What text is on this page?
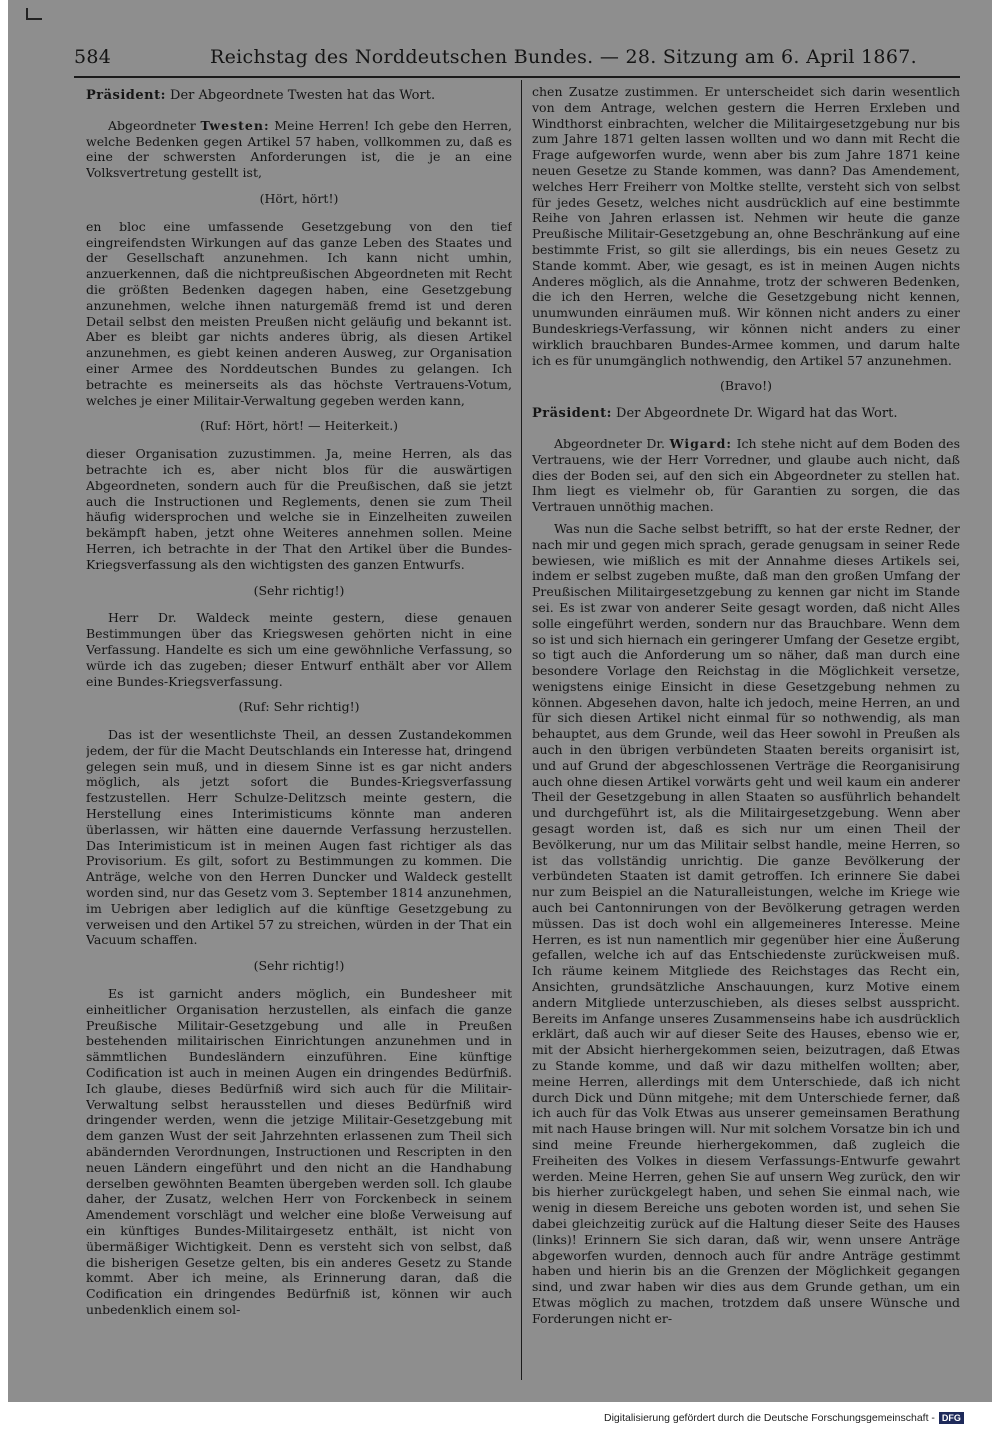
584	Reichstag des Norddeutschen Bundes. — 28. Sitzung am 6. April 1867.

Präsident: Der Abgeordnete Twesten hat das Wort.

Abgeordneter Twesten: Meine Herren! Ich gebe den Herren, welche Bedenken gegen Artikel 57 haben, vollkommen zu, daß es eine der schwersten Anforderungen ist, die je an eine Volksvertretung gestellt ist,

(Hört, hört!)

en bloc eine umfassende Gesetzgebung von den tief eingreifendsten Wirkungen auf das ganze Leben des Staates und der Gesellschaft anzunehmen. Ich kann nicht umhin, anzuerkennen, daß die nichtpreußischen Abgeordneten mit Recht die größten Bedenken dagegen haben, eine Gesetzgebung anzunehmen, welche ihnen naturgemäß fremd ist und deren Detail selbst den meisten Preußen nicht geläufig und bekannt ist. Aber es bleibt gar nichts anderes übrig, als diesen Artikel anzunehmen, es giebt keinen anderen Ausweg, zur Organisation einer Armee des Norddeutschen Bundes zu gelangen. Ich betrachte es meinerseits als das höchste Vertrauens-Votum, welches je einer Militair-Verwaltung gegeben werden kann,

(Ruf: Hört, hört! — Heiterkeit.)

dieser Organisation zuzustimmen. Ja, meine Herren, als das betrachte ich es, aber nicht blos für die auswärtigen Abgeordneten, sondern auch für die Preußischen, daß sie jetzt auch die Instructionen und Reglements, denen sie zum Theil häufig widersprochen und welche sie in Einzelheiten zuweilen bekämpft haben, jetzt ohne Weiteres annehmen sollen. Meine Herren, ich betrachte in der That den Artikel über die Bundes-Kriegsverfassung als den wichtigsten des ganzen Entwurfs.

(Sehr richtig!)

Herr Dr. Waldeck meinte gestern, diese genauen Bestimmungen über das Kriegswesen gehörten nicht in eine Verfassung. Handelte es sich um eine gewöhnliche Verfassung, so würde ich das zugeben; dieser Entwurf enthält aber vor Allem eine Bundes-Kriegsverfassung.

(Ruf: Sehr richtig!)

Das ist der wesentlichste Theil, an dessen Zustandekommen jedem, der für die Macht Deutschlands ein Interesse hat, dringend gelegen sein muß, und in diesem Sinne ist es gar nicht anders möglich, als jetzt sofort die Bundes-Kriegsverfassung festzustellen. Herr Schulze-Delitzsch meinte gestern, die Herstellung eines Interimisticums könnte man anderen überlassen, wir hätten eine dauernde Verfassung herzustellen. Das Interimisticum ist in meinen Augen fast richtiger als das Provisorium. Es gilt, sofort zu Bestimmungen zu kommen. Die Anträge, welche von den Herren Duncker und Waldeck gestellt worden sind, nur das Gesetz vom 3. September 1814 anzunehmen, im Uebrigen aber lediglich auf die künftige Gesetzgebung zu verweisen und den Artikel 57 zu streichen, würden in der That ein Vacuum schaffen.

(Sehr richtig!)

Es ist garnicht anders möglich, ein Bundesheer mit einheitlicher Organisation herzustellen, als einfach die ganze Preußische Militair-Gesetzgebung und alle in Preußen bestehenden militairischen Einrichtungen anzunehmen und in sämmtlichen Bundesländern einzuführen. Eine künftige Codification ist auch in meinen Augen ein dringendes Bedürfniß. Ich glaube, dieses Bedürfniß wird sich auch für die Militair-Verwaltung selbst herausstellen und dieses Bedürfniß wird dringender werden, wenn die jetzige Militair-Gesetzgebung mit dem ganzen Wust der seit Jahrzehnten erlassenen zum Theil sich abändernden Verordnungen, Instructionen und Rescripten in den neuen Ländern eingeführt und den nicht an die Handhabung derselben gewöhnten Beamten übergeben werden soll. Ich glaube daher, der Zusatz, welchen Herr von Forckenbeck in seinem Amendement vorschlägt und welcher eine bloße Verweisung auf ein künftiges Bundes-Militairgesetz enthält, ist nicht von übermäßiger Wichtigkeit. Denn es versteht sich von selbst, daß die bisherigen Gesetze gelten, bis ein anderes Gesetz zu Stande kommt. Aber ich meine, als Erinnerung daran, daß die Codification ein dringendes Bedürfniß ist, können wir auch unbedenklich einem sol-

chen Zusatze zustimmen. Er unterscheidet sich darin wesentlich von dem Antrage, welchen gestern die Herren Erxleben und Windthorst einbrachten, welcher die Militairgesetzgebung nur bis zum Jahre 1871 gelten lassen wollten und wo dann mit Recht die Frage aufgeworfen wurde, wenn aber bis zum Jahre 1871 keine neuen Gesetze zu Stande kommen, was dann? Das Amendement, welches Herr Freiherr von Moltke stellte, versteht sich von selbst für jedes Gesetz, welches nicht ausdrücklich auf eine bestimmte Reihe von Jahren erlassen ist. Nehmen wir heute die ganze Preußische Militair-Gesetzgebung an, ohne Beschränkung auf eine bestimmte Frist, so gilt sie allerdings, bis ein neues Gesetz zu Stande kommt. Aber, wie gesagt, es ist in meinen Augen nichts Anderes möglich, als die Annahme, trotz der schweren Bedenken, die ich den Herren, welche die Gesetzgebung nicht kennen, unumwunden einräumen muß. Wir können nicht anders zu einer Bundeskriegs-Verfassung, wir können nicht anders zu einer wirklich brauchbaren Bundes-Armee kommen, und darum halte ich es für unumgänglich nothwendig, den Artikel 57 anzunehmen.

(Bravo!)

Präsident: Der Abgeordnete Dr. Wigard hat das Wort.

Abgeordneter Dr. Wigard: Ich stehe nicht auf dem Boden des Vertrauens, wie der Herr Vorredner, und glaube auch nicht, daß dies der Boden sei, auf den sich ein Abgeordneter zu stellen hat. Ihm liegt es vielmehr ob, für Garantien zu sorgen, die das Vertrauen unnöthig machen.

Was nun die Sache selbst betrifft, so hat der erste Redner, der nach mir und gegen mich sprach, gerade genugsam in seiner Rede bewiesen, wie mißlich es mit der Annahme dieses Artikels sei, indem er selbst zugeben mußte, daß man den großen Umfang der Preußischen Militairgesetzgebung zu kennen gar nicht im Stande sei. Es ist zwar von anderer Seite gesagt worden, daß nicht Alles solle eingeführt werden, sondern nur das Brauchbare. Wenn dem so ist und sich hiernach ein geringerer Umfang der Gesetze ergibt, so tigt auch die Anforderung um so näher, daß man durch eine besondere Vorlage den Reichstag in die Möglichkeit versetze, wenigstens einige Einsicht in diese Gesetzgebung nehmen zu können. Abgesehen davon, halte ich jedoch, meine Herren, an und für sich diesen Artikel nicht einmal für so nothwendig, als man behauptet, aus dem Grunde, weil das Heer sowohl in Preußen als auch in den übrigen verbündeten Staaten bereits organisirt ist, und auf Grund der abgeschlossenen Verträge die Reorganisirung auch ohne diesen Artikel vorwärts geht und weil kaum ein anderer Theil der Gesetzgebung in allen Staaten so ausführlich behandelt und durchgeführt ist, als die Militairgesetzgebung. Wenn aber gesagt worden ist, daß es sich nur um einen Theil der Bevölkerung, nur um das Militair selbst handle, meine Herren, so ist das vollständig unrichtig. Die ganze Bevölkerung der verbündeten Staaten ist damit getroffen. Ich erinnere Sie dabei nur zum Beispiel an die Naturalleistungen, welche im Kriege wie auch bei Cantonnirungen von der Bevölkerung getragen werden müssen. Das ist doch wohl ein allgemeineres Interesse. Meine Herren, es ist nun namentlich mir gegenüber hier eine Äußerung gefallen, welche ich auf das Entschiedenste zurückweisen muß. Ich räume keinem Mitgliede des Reichstages das Recht ein, Ansichten, grundsätzliche Anschauungen, kurz Motive einem andern Mitgliede unterzuschieben, als dieses selbst ausspricht. Bereits im Anfange unseres Zusammenseins habe ich ausdrücklich erklärt, daß auch wir auf dieser Seite des Hauses, ebenso wie er, mit der Absicht hierhergekommen seien, beizutragen, daß Etwas zu Stande komme, und daß wir dazu mithelfen wollten; aber, meine Herren, allerdings mit dem Unterschiede, daß ich nicht durch Dick und Dünn mitgehe; mit dem Unterschiede ferner, daß ich auch für das Volk Etwas aus unserer gemeinsamen Berathung mit nach Hause bringen will. Nur mit solchem Vorsatze bin ich und sind meine Freunde hierhergekommen, daß zugleich die Freiheiten des Volkes in diesem Verfassungs-Entwurfe gewahrt werden. Meine Herren, gehen Sie auf unsern Weg zurück, den wir bis hierher zurückgelegt haben, und sehen Sie einmal nach, wie wenig in diesem Bereiche uns geboten worden ist, und sehen Sie dabei gleichzeitig zurück auf die Haltung dieser Seite des Hauses (links)! Erinnern Sie sich daran, daß wir, wenn unsere Anträge abgeworfen wurden, dennoch auch für andre Anträge gestimmt haben und hierin bis an die Grenzen der Möglichkeit gegangen sind, und zwar haben wir dies aus dem Grunde gethan, um ein Etwas möglich zu machen, trotzdem daß unsere Wünsche und Forderungen nicht er-

Digitalisierung gefördert durch die Deutsche Forschungsgemeinschaft - DFG
